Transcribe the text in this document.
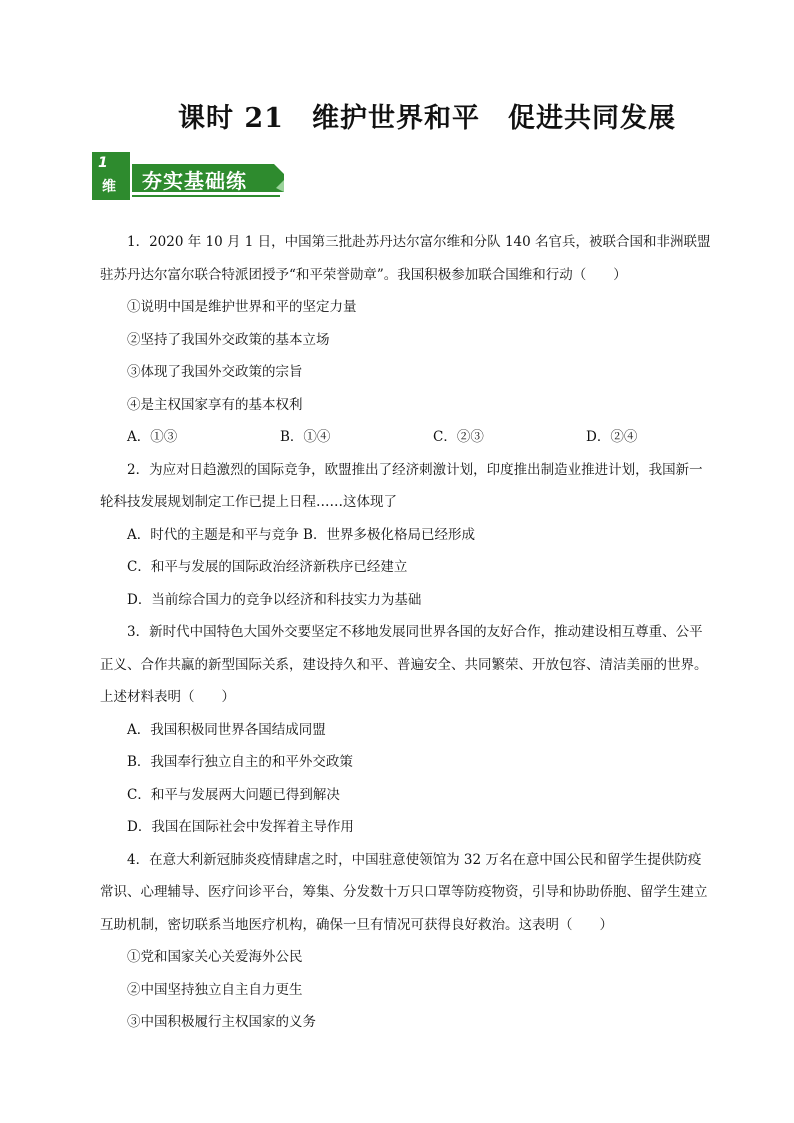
课时 21　维护世界和平　促进共同发展
1
维 夯实基础练

1．2020 年 10 月 1 日，中国第三批赴苏丹达尔富尔维和分队 140 名官兵，被联合国和非洲联盟驻苏丹达尔富尔联合特派团授予“和平荣誉勋章”。我国积极参加联合国维和行动（　　）

①说明中国是维护世界和平的坚定力量

②坚持了我国外交政策的基本立场

③体现了我国外交政策的宗旨

④是主权国家享有的基本权利

A．①③	B．①④	C．②③	D．②④

2．为应对日趋激烈的国际竞争，欧盟推出了经济刺激计划，印度推出制造业推进计划，我国新一轮科技发展规划制定工作已提上日程……这体现了

A．时代的主题是和平与竞争 B．世界多极化格局已经形成

C．和平与发展的国际政治经济新秩序已经建立

D．当前综合国力的竞争以经济和科技实力为基础

3．新时代中国特色大国外交要坚定不移地发展同世界各国的友好合作，推动建设相互尊重、公平正义、合作共赢的新型国际关系，建设持久和平、普遍安全、共同繁荣、开放包容、清洁美丽的世界。上述材料表明（　　）

A．我国积极同世界各国结成同盟

B．我国奉行独立自主的和平外交政策

C．和平与发展两大问题已得到解决

D．我国在国际社会中发挥着主导作用

4．在意大利新冠肺炎疫情肆虐之时，中国驻意使领馆为 32 万名在意中国公民和留学生提供防疫常识、心理辅导、医疗问诊平台，筹集、分发数十万只口罩等防疫物资，引导和协助侨胞、留学生建立互助机制，密切联系当地医疗机构，确保一旦有情况可获得良好救治。这表明（　　）

①党和国家关心关爱海外公民

②中国坚持独立自主自力更生

③中国积极履行主权国家的义务
